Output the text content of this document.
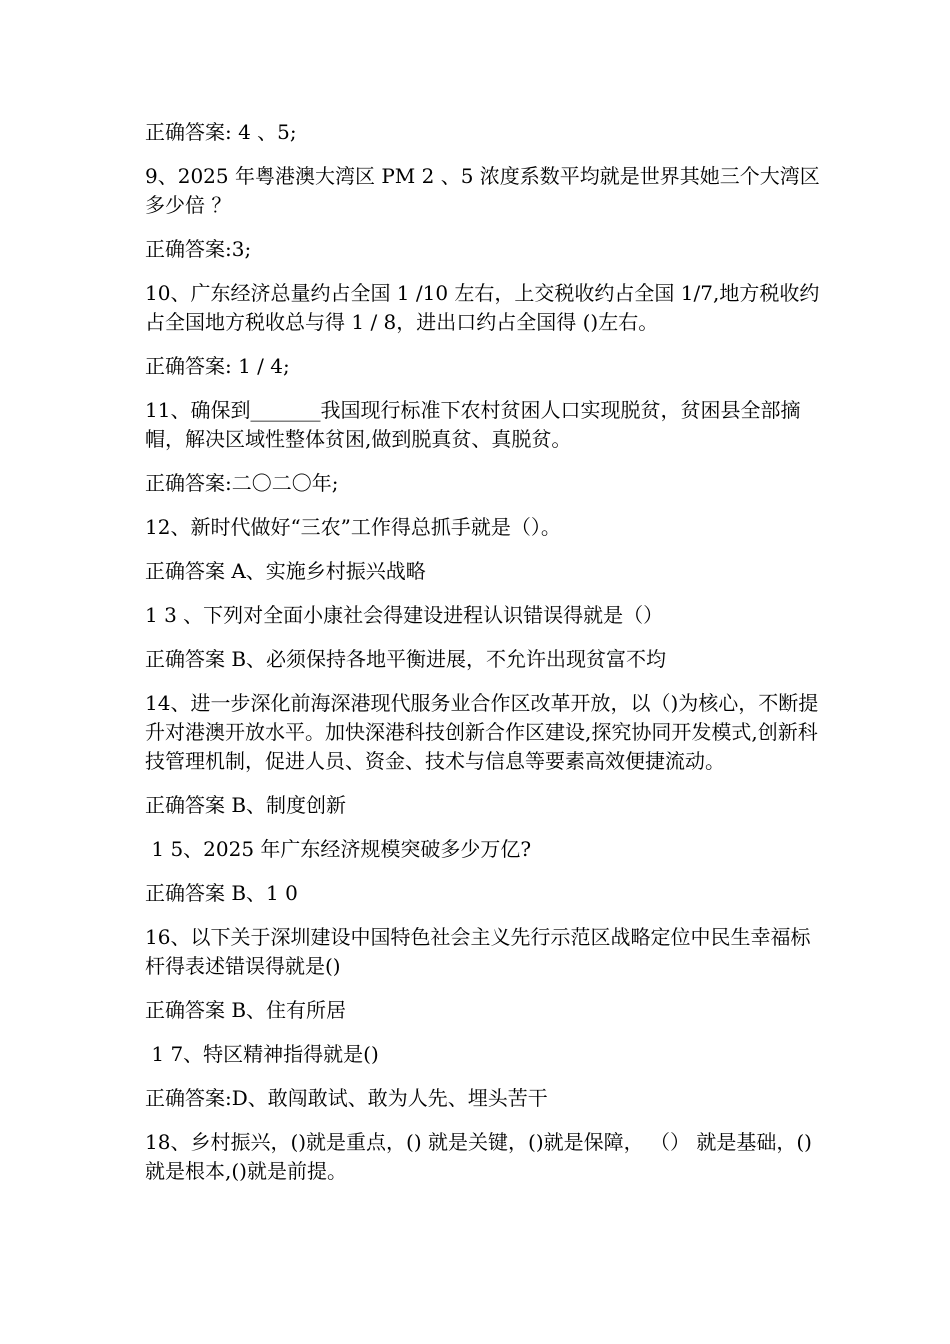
正确答案: 4 、5;

9、2025 年粤港澳大湾区 PM 2 、5 浓度系数平均就是世界其她三个大湾区多少倍 ？

正确答案:3;

10、广东经济总量约占全国 1 /10 左右，上交税收约占全国 1/7,地方税收约占全国地方税收总与得 1 / 8，进出口约占全国得 ()左右。

正确答案: 1 / 4;

11、确保到_______我国现行标准下农村贫困人口实现脱贫，贫困县全部摘帽，解决区域性整体贫困,做到脱真贫、真脱贫。

正确答案:二〇二〇年;

12、新时代做好“三农”工作得总抓手就是（）。

正确答案 A、实施乡村振兴战略

1 3 、下列对全面小康社会得建设进程认识错误得就是（）

正确答案 B、必须保持各地平衡进展，不允许出现贫富不均

14、进一步深化前海深港现代服务业合作区改革开放，以（)为核心，不断提升对港澳开放水平。加快深港科技创新合作区建设,探究协同开发模式,创新科技管理机制，促进人员、资金、技术与信息等要素高效便捷流动。

正确答案 B、制度创新

1 5、2025 年广东经济规模突破多少万亿?

正确答案 B、1 0

16、以下关于深圳建设中国特色社会主义先行示范区战略定位中民生幸福标杆得表述错误得就是()

正确答案 B、住有所居

1 7、特区精神指得就是()

正确答案:D、敢闯敢试、敢为人先、埋头苦干

18、乡村振兴，()就是重点，() 就是关键，()就是保障， （） 就是基础，() 就是根本,()就是前提。
